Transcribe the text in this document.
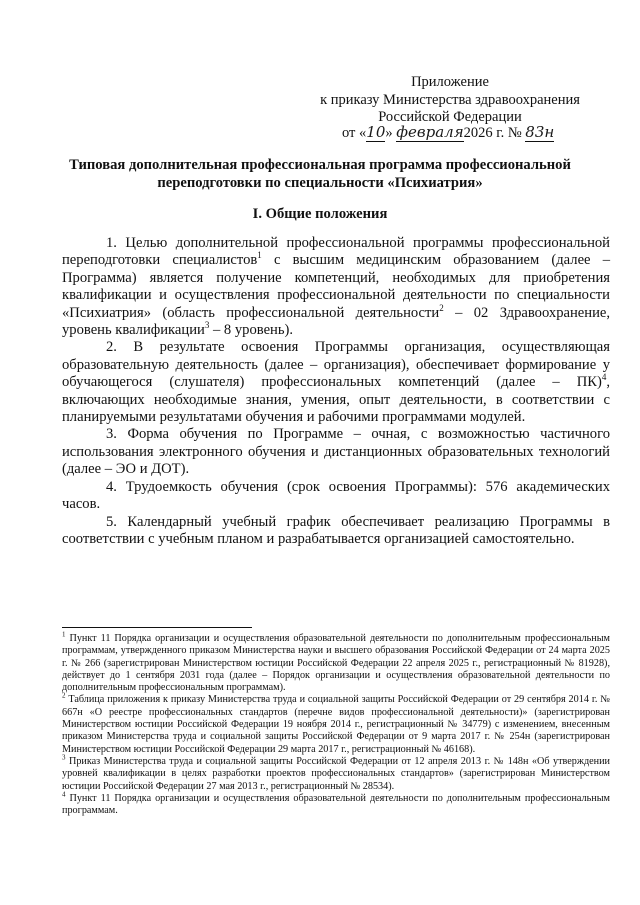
Приложение
к приказу Министерства здравоохранения
Российской Федерации
от «10» февраля2026 г. № 83н
Типовая дополнительная профессиональная программа профессиональной переподготовки по специальности «Психиатрия»
I. Общие положения

1. Целью дополнительной профессиональной программы профессиональной переподготовки специалистов$^1$ с высшим медицинским образованием (далее – Программа) является получение компетенций, необходимых для приобретения квалификации и осуществления профессиональной деятельности по специальности «Психиатрия» (область профессиональной деятельности$^2$ – 02 Здравоохранение, уровень квалификации$^3$ – 8 уровень).

2. В результате освоения Программы организация, осуществляющая образовательную деятельность (далее – организация), обеспечивает формирование у обучающегося (слушателя) профессиональных компетенций (далее – ПК)$^4$, включающих необходимые знания, умения, опыт деятельности, в соответствии с планируемыми результатами обучения и рабочими программами модулей.

3. Форма обучения по Программе – очная, с возможностью частичного использования электронного обучения и дистанционных образовательных технологий (далее – ЭО и ДОТ).

4. Трудоемкость обучения (срок освоения Программы): 576 академических часов.

5. Календарный учебный график обеспечивает реализацию Программы в соответствии с учебным планом и разрабатывается организацией самостоятельно.

$^1$ Пункт 11 Порядка организации и осуществления образовательной деятельности по дополнительным профессиональным программам, утвержденного приказом Министерства науки и высшего образования Российской Федерации от 24 марта 2025 г. № 266 (зарегистрирован Министерством юстиции Российской Федерации 22 апреля 2025 г., регистрационный № 81928), действует до 1 сентября 2031 года (далее – Порядок организации и осуществления образовательной деятельности по дополнительным профессиональным программам).

$^2$ Таблица приложения к приказу Министерства труда и социальной защиты Российской Федерации от 29 сентября 2014 г. № 667н «О реестре профессиональных стандартов (перечне видов профессиональной деятельности)» (зарегистрирован Министерством юстиции Российской Федерации 19 ноября 2014 г., регистрационный № 34779) с изменением, внесенным приказом Министерства труда и социальной защиты Российской Федерации от 9 марта 2017 г. № 254н (зарегистрирован Министерством юстиции Российской Федерации 29 марта 2017 г., регистрационный № 46168).

$^3$ Приказ Министерства труда и социальной защиты Российской Федерации от 12 апреля 2013 г. № 148н «Об утверждении уровней квалификации в целях разработки проектов профессиональных стандартов» (зарегистрирован Министерством юстиции Российской Федерации 27 мая 2013 г., регистрационный № 28534).

$^4$ Пункт 11 Порядка организации и осуществления образовательной деятельности по дополнительным профессиональным программам.
